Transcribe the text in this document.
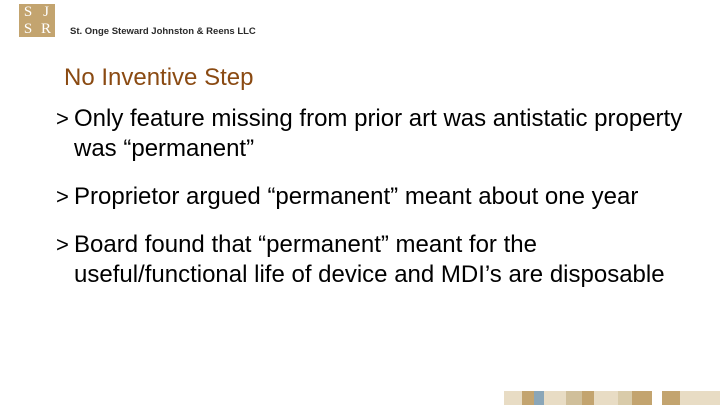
S J
S R	St. Onge Steward Johnston & Reens LLC
No Inventive Step
> Only feature missing from prior art was antistatic property was “permanent”
> Proprietor argued “permanent” meant about one year
> Board found that “permanent” meant for the useful/functional life of device and MDI’s are disposable
